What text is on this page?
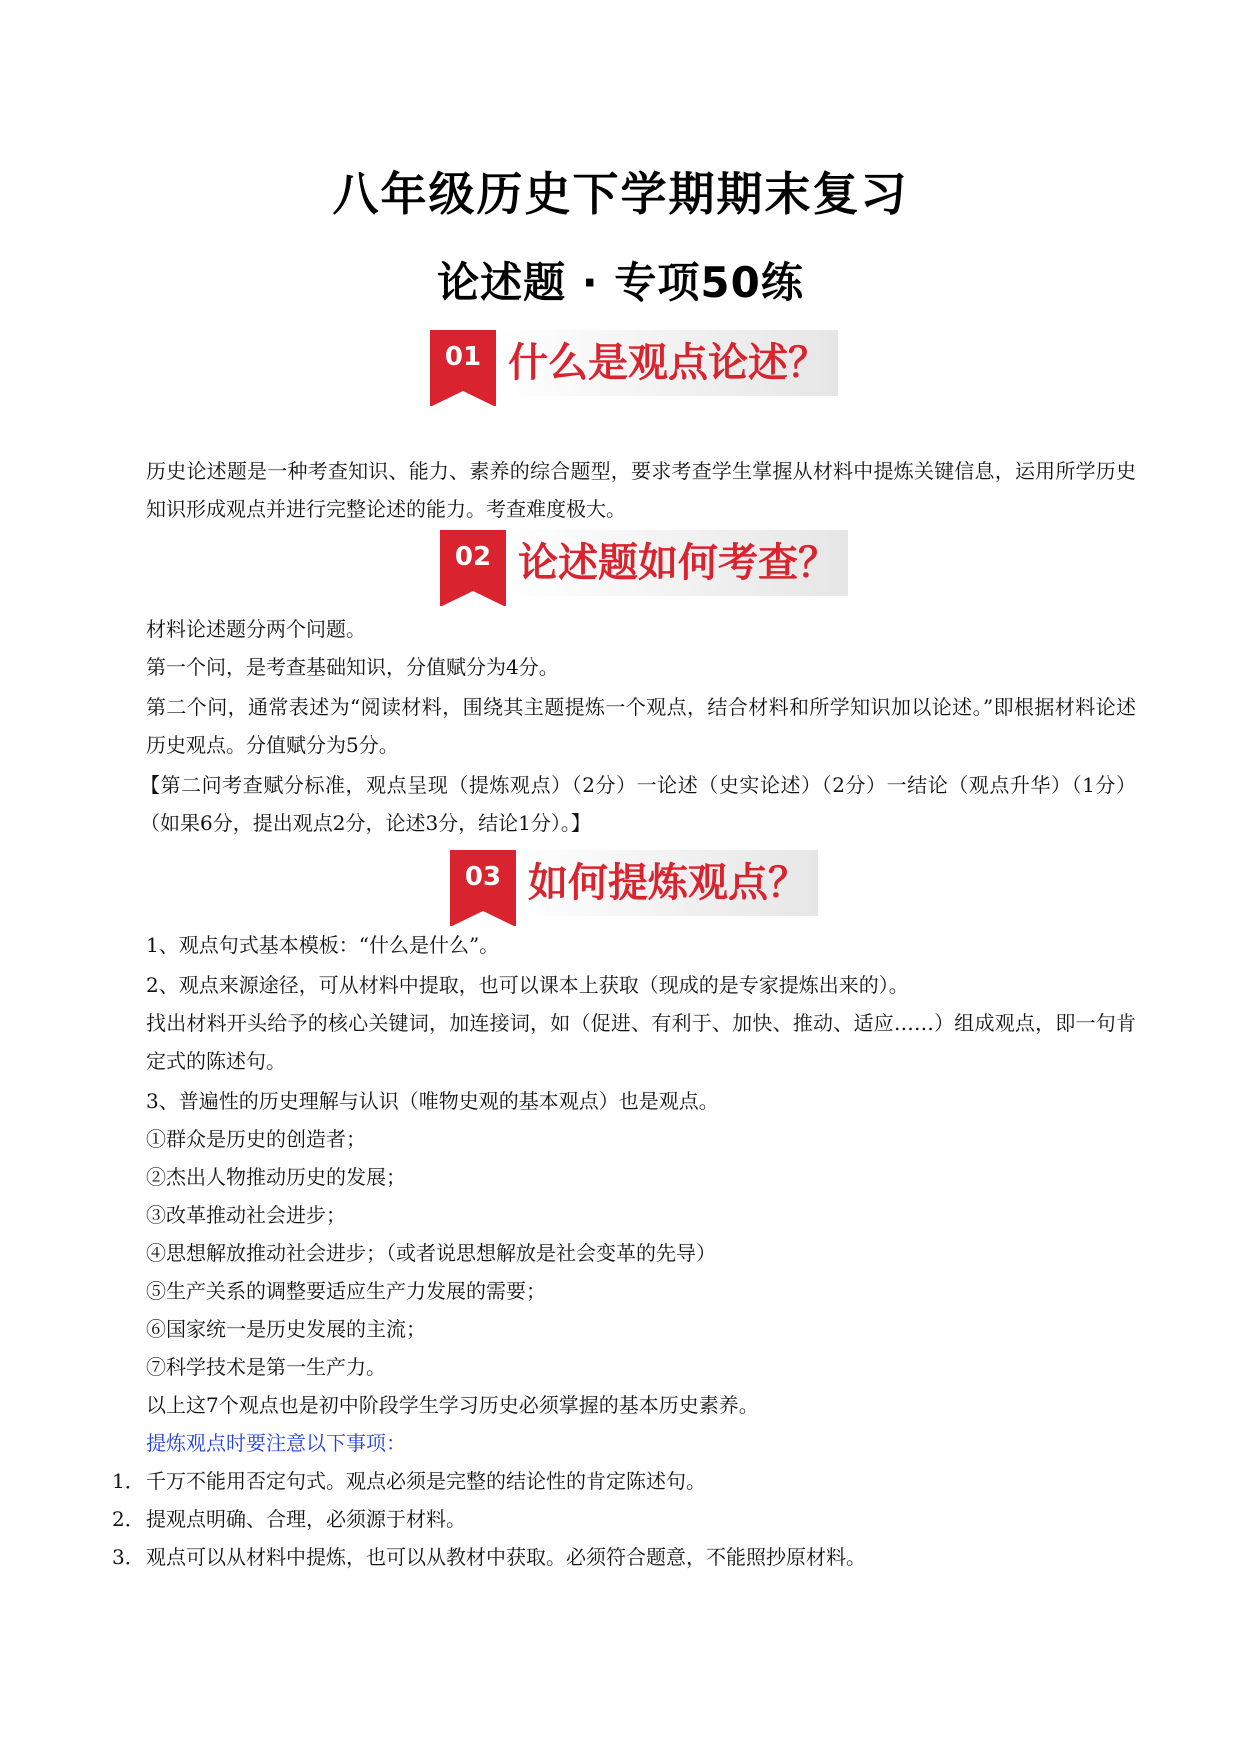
八年级历史下学期期末复习
论述题 · 专项50练
01 什么是观点论述？
历史论述题是一种考查知识、能力、素养的综合题型，要求考查学生掌握从材料中提炼关键信息，运用所学历史知识形成观点并进行完整论述的能力。考查难度极大。
02 论述题如何考查？
材料论述题分两个问题。
第一个问，是考查基础知识，分值赋分为4分。
第二个问，通常表述为“阅读材料，围绕其主题提炼一个观点，结合材料和所学知识加以论述。”即根据材料论述历史观点。分值赋分为5分。
【第二问考查赋分标准，观点呈现（提炼观点）（2分）一论述（史实论述）（2分）一结论（观点升华）（1分）（如果6分，提出观点2分，论述3分，结论1分）。】
03 如何提炼观点？
1、观点句式基本模板：“什么是什么”。
2、观点来源途径，可从材料中提取，也可以课本上获取（现成的是专家提炼出来的）。
找出材料开头给予的核心关键词，加连接词，如（促进、有利于、加快、推动、适应……）组成观点，即一句肯定式的陈述句。
3、普遍性的历史理解与认识（唯物史观的基本观点）也是观点。
①群众是历史的创造者；
②杰出人物推动历史的发展；
③改革推动社会进步；
④思想解放推动社会进步；（或者说思想解放是社会变革的先导）
⑤生产关系的调整要适应生产力发展的需要；
⑥国家统一是历史发展的主流；
⑦科学技术是第一生产力。
以上这7个观点也是初中阶段学生学习历史必须掌握的基本历史素养。
提炼观点时要注意以下事项：
1．千万不能用否定句式。观点必须是完整的结论性的肯定陈述句。
2．提观点明确、合理，必须源于材料。
3．观点可以从材料中提炼，也可以从教材中获取。必须符合题意，不能照抄原材料。
